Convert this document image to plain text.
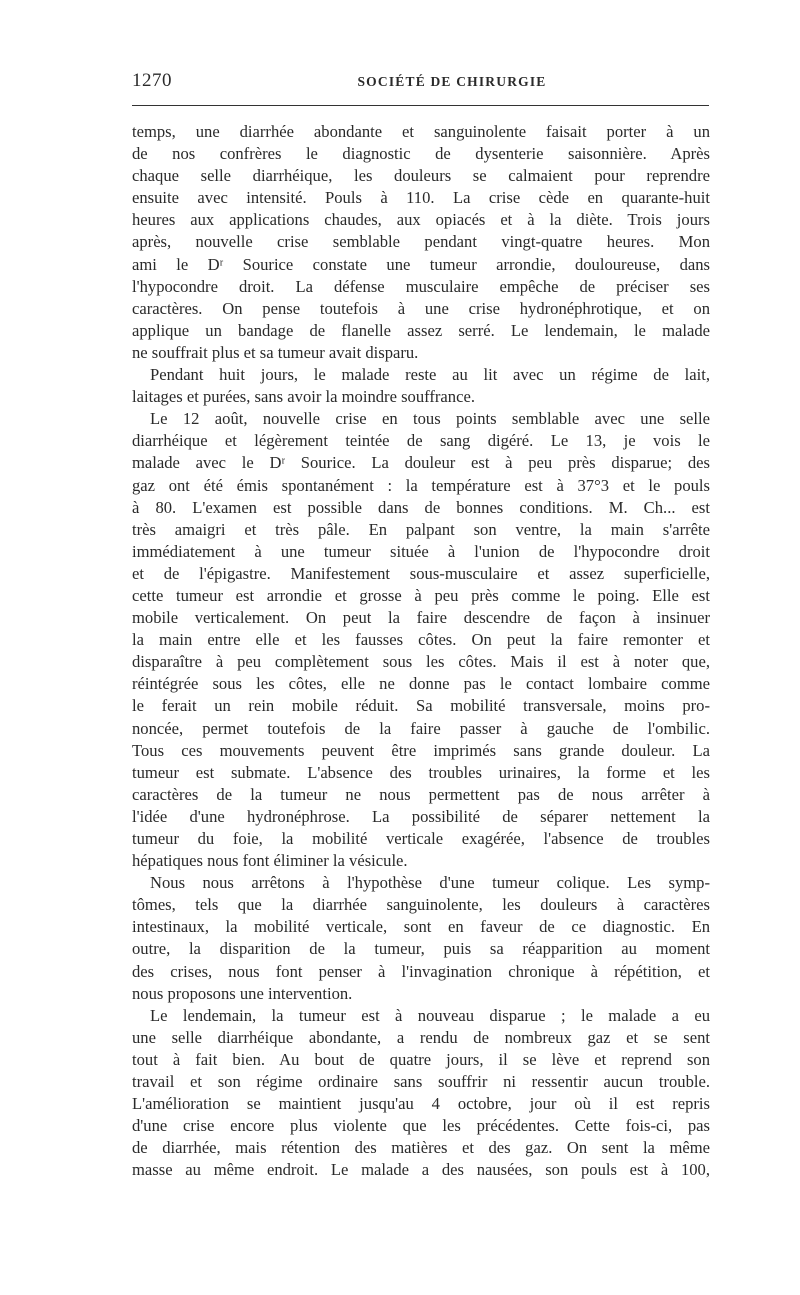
1270	SOCIÉTÉ DE CHIRURGIE
temps, une diarrhée abondante et sanguinolente faisait porter à un
de nos confrères le diagnostic de dysenterie saisonnière. Après
chaque selle diarrhéique, les douleurs se calmaient pour reprendre
ensuite avec intensité. Pouls à 110. La crise cède en quarante-huit
heures aux applications chaudes, aux opiacés et à la diète. Trois jours
après, nouvelle crise semblable pendant vingt-quatre heures. Mon
ami le Dʳ Sourice constate une tumeur arrondie, douloureuse, dans
l'hypocondre droit. La défense musculaire empêche de préciser ses
caractères. On pense toutefois à une crise hydronéphrotique, et on
applique un bandage de flanelle assez serré. Le lendemain, le malade
ne souffrait plus et sa tumeur avait disparu.
Pendant huit jours, le malade reste au lit avec un régime de lait,
laitages et purées, sans avoir la moindre souffrance.
Le 12 août, nouvelle crise en tous points semblable avec une selle
diarrhéique et légèrement teintée de sang digéré. Le 13, je vois le
malade avec le Dʳ Sourice. La douleur est à peu près disparue; des
gaz ont été émis spontanément : la température est à 37°3 et le pouls
à 80. L'examen est possible dans de bonnes conditions. M. Ch... est
très amaigri et très pâle. En palpant son ventre, la main s'arrête
immédiatement à une tumeur située à l'union de l'hypocondre droit
et de l'épigastre. Manifestement sous-musculaire et assez superficielle,
cette tumeur est arrondie et grosse à peu près comme le poing. Elle est
mobile verticalement. On peut la faire descendre de façon à insinuer
la main entre elle et les fausses côtes. On peut la faire remonter et
disparaître à peu complètement sous les côtes. Mais il est à noter que,
réintégrée sous les côtes, elle ne donne pas le contact lombaire comme
le ferait un rein mobile réduit. Sa mobilité transversale, moins pro-
noncée, permet toutefois de la faire passer à gauche de l'ombilic.
Tous ces mouvements peuvent être imprimés sans grande douleur. La
tumeur est submate. L'absence des troubles urinaires, la forme et les
caractères de la tumeur ne nous permettent pas de nous arrêter à
l'idée d'une hydronéphrose. La possibilité de séparer nettement la
tumeur du foie, la mobilité verticale exagérée, l'absence de troubles
hépatiques nous font éliminer la vésicule.
Nous nous arrêtons à l'hypothèse d'une tumeur colique. Les symp-
tômes, tels que la diarrhée sanguinolente, les douleurs à caractères
intestinaux, la mobilité verticale, sont en faveur de ce diagnostic. En
outre, la disparition de la tumeur, puis sa réapparition au moment
des crises, nous font penser à l'invagination chronique à répétition, et
nous proposons une intervention.
Le lendemain, la tumeur est à nouveau disparue ; le malade a eu
une selle diarrhéique abondante, a rendu de nombreux gaz et se sent
tout à fait bien. Au bout de quatre jours, il se lève et reprend son
travail et son régime ordinaire sans souffrir ni ressentir aucun trouble.
L'amélioration se maintient jusqu'au 4 octobre, jour où il est repris
d'une crise encore plus violente que les précédentes. Cette fois-ci, pas
de diarrhée, mais rétention des matières et des gaz. On sent la même
masse au même endroit. Le malade a des nausées, son pouls est à 100,
